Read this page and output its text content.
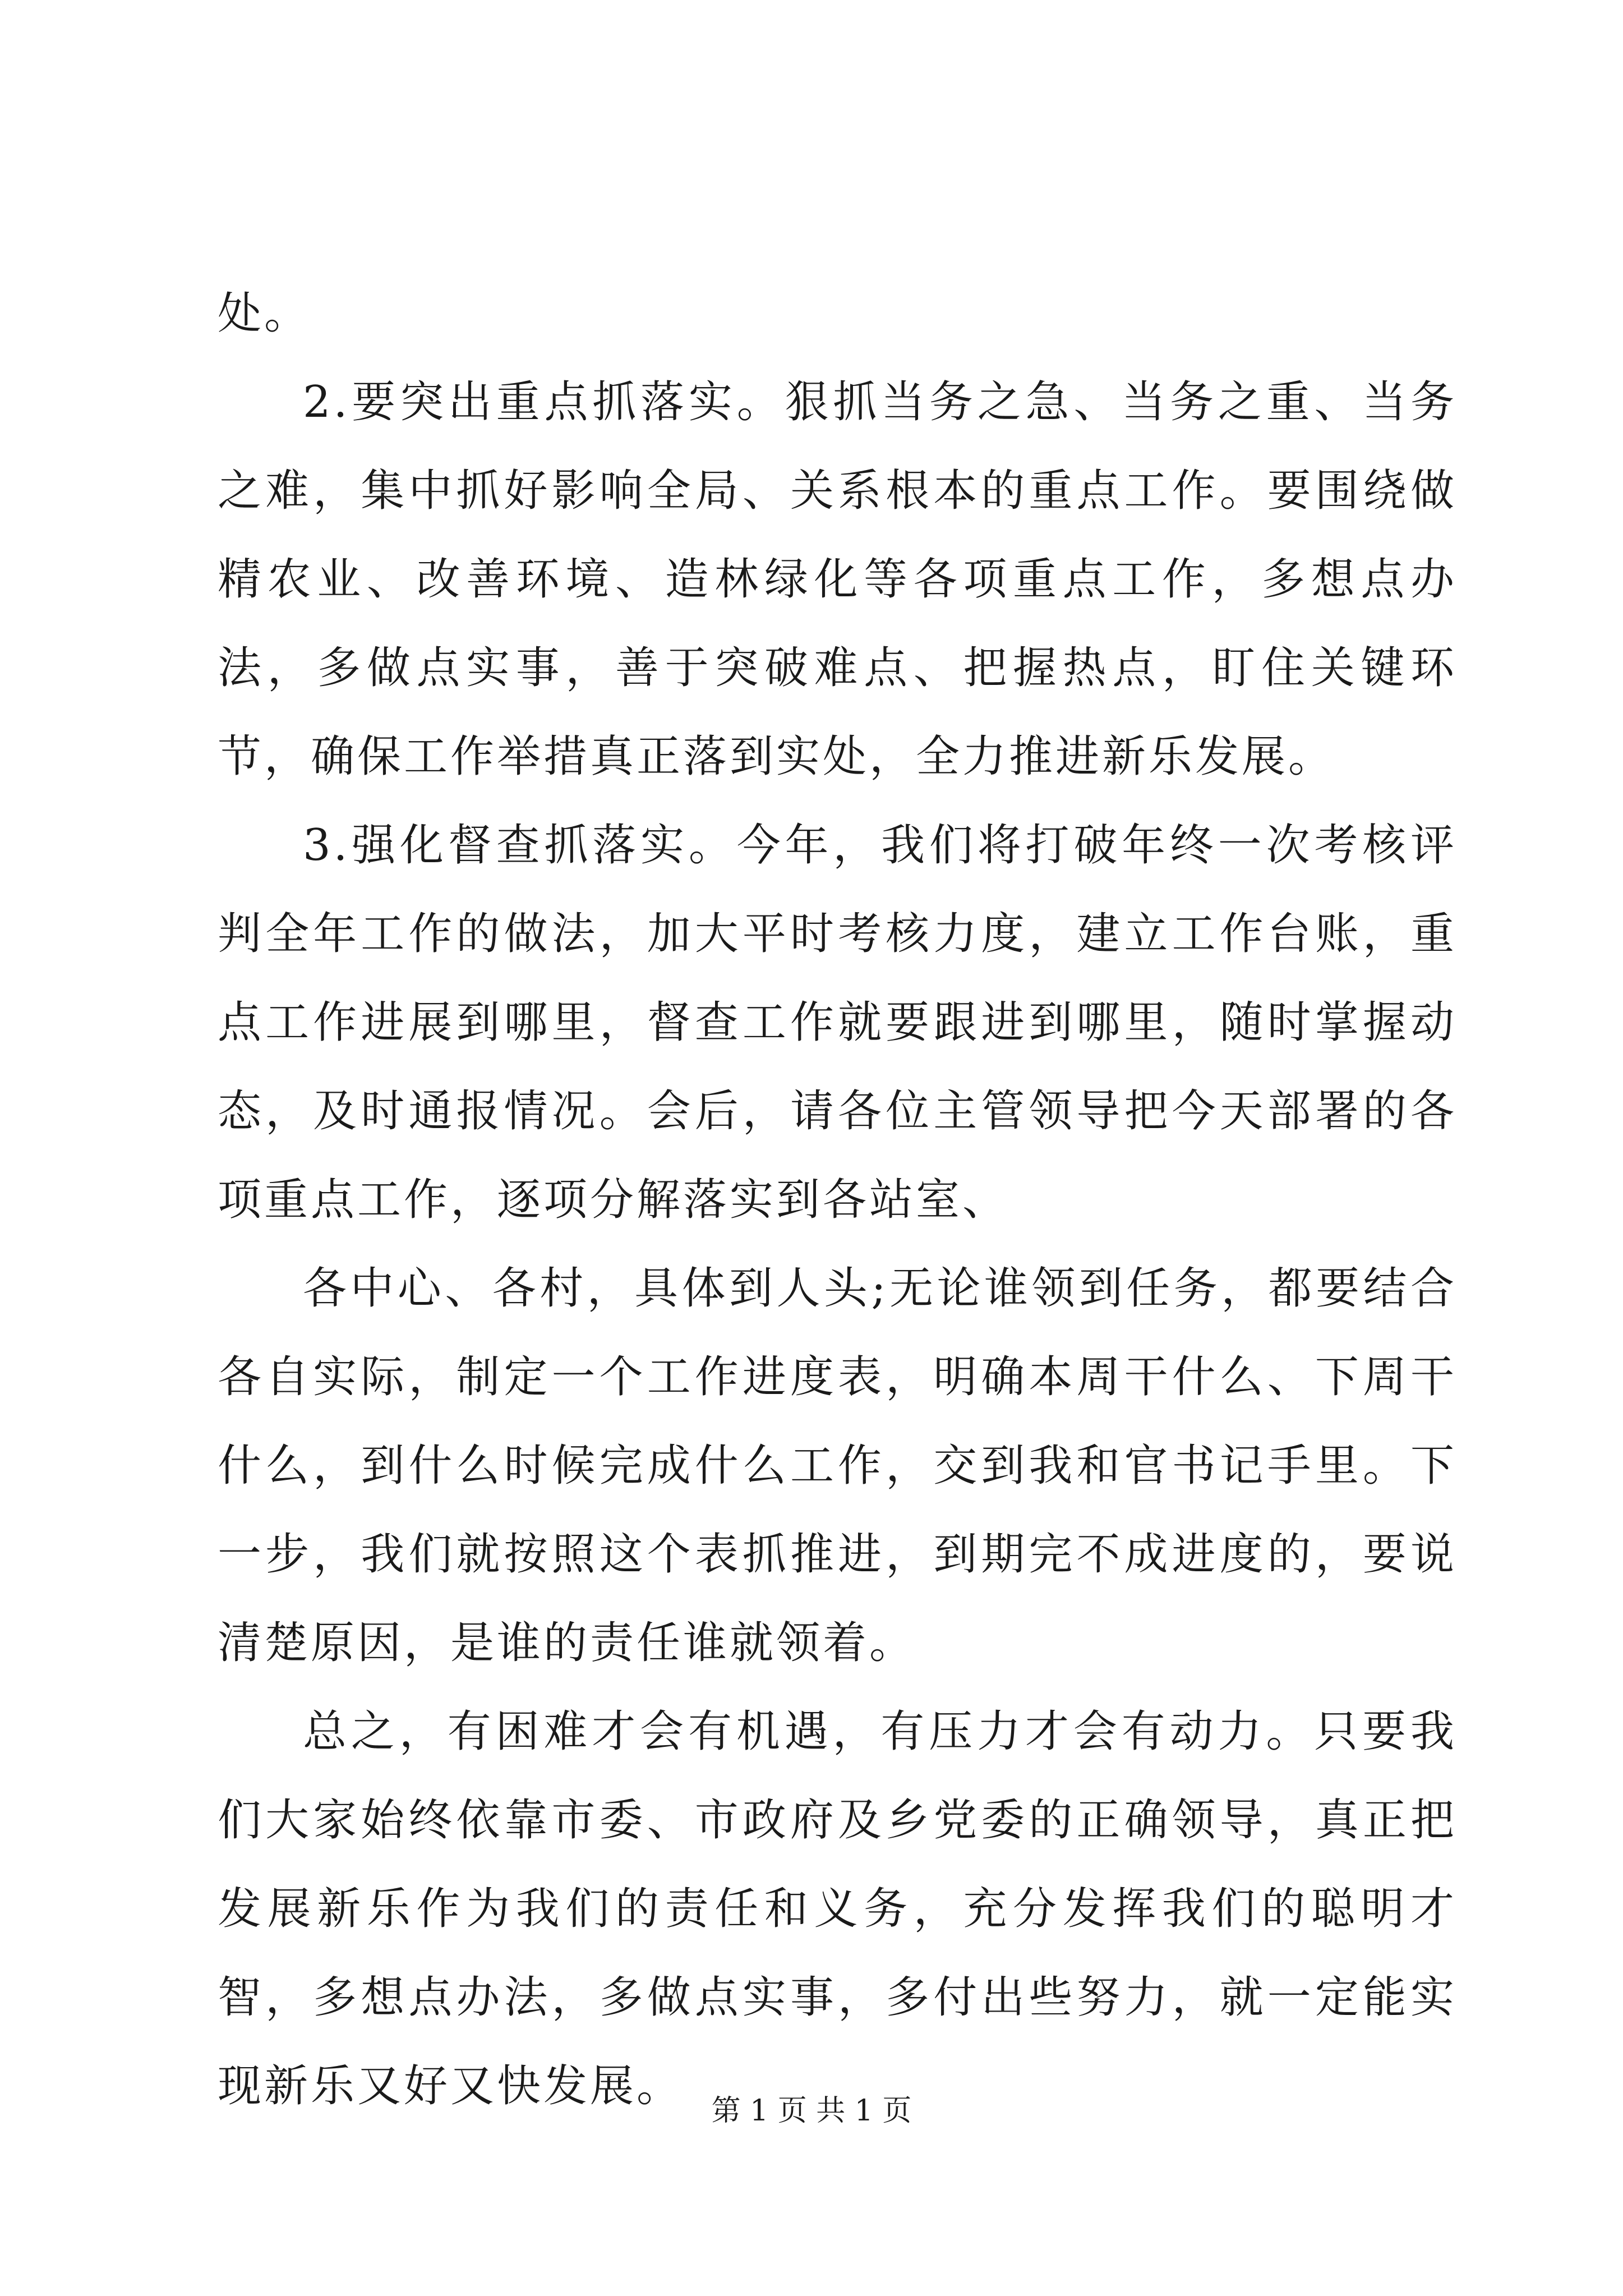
处。

2.要突出重点抓落实。狠抓当务之急、当务之重、当务之难，集中抓好影响全局、关系根本的重点工作。要围绕做精农业、改善环境、造林绿化等各项重点工作，多想点办法，多做点实事，善于突破难点、把握热点，盯住关键环节，确保工作举措真正落到实处，全力推进新乐发展。

3.强化督查抓落实。今年，我们将打破年终一次考核评判全年工作的做法，加大平时考核力度，建立工作台账，重点工作进展到哪里，督查工作就要跟进到哪里，随时掌握动态，及时通报情况。会后，请各位主管领导把今天部署的各项重点工作，逐项分解落实到各站室、

各中心、各村，具体到人头;无论谁领到任务，都要结合各自实际，制定一个工作进度表，明确本周干什么、下周干什么，到什么时候完成什么工作，交到我和官书记手里。下一步，我们就按照这个表抓推进，到期完不成进度的，要说清楚原因，是谁的责任谁就领着。

总之，有困难才会有机遇，有压力才会有动力。只要我们大家始终依靠市委、市政府及乡党委的正确领导，真正把发展新乐作为我们的责任和义务，充分发挥我们的聪明才智，多想点办法，多做点实事，多付出些努力，就一定能实现新乐又好又快发展。 第 1 页 共 1 页
